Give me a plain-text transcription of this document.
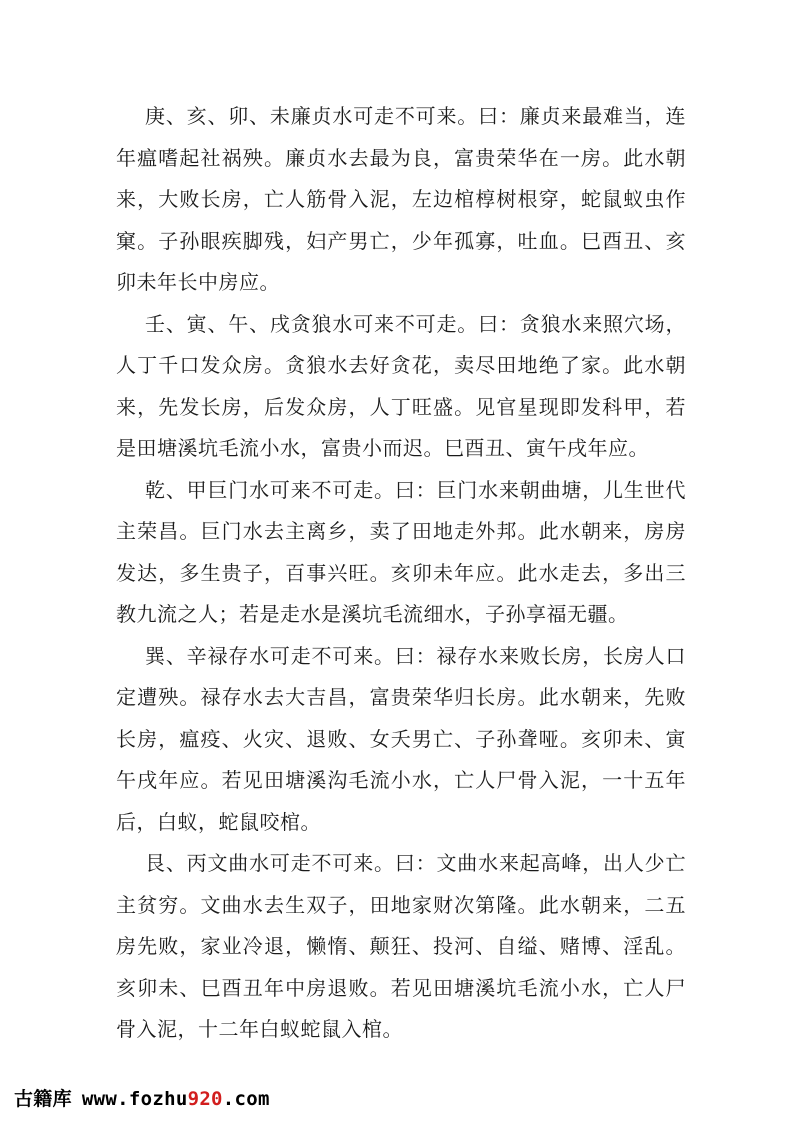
庚、亥、卯、未廉贞水可走不可来。曰：廉贞来最难当，连年瘟嗜起社祸殃。廉贞水去最为良，富贵荣华在一房。此水朝来，大败长房，亡人筋骨入泥，左边棺椁树根穿，蛇鼠蚁虫作窠。子孙眼疾脚残，妇产男亡，少年孤寡，吐血。巳酉丑、亥卯未年长中房应。

壬、寅、午、戌贪狼水可来不可走。曰：贪狼水来照穴场，人丁千口发众房。贪狼水去好贪花，卖尽田地绝了家。此水朝来，先发长房，后发众房，人丁旺盛。见官星现即发科甲，若是田塘溪坑毛流小水，富贵小而迟。巳酉丑、寅午戌年应。

乾、甲巨门水可来不可走。曰：巨门水来朝曲塘，儿生世代主荣昌。巨门水去主离乡，卖了田地走外邦。此水朝来，房房发达，多生贵子，百事兴旺。亥卯未年应。此水走去，多出三教九流之人；若是走水是溪坑毛流细水，子孙享福无疆。

巽、辛禄存水可走不可来。曰：禄存水来败长房，长房人口定遭殃。禄存水去大吉昌，富贵荣华归长房。此水朝来，先败长房，瘟疫、火灾、退败、女夭男亡、子孙聋哑。亥卯未、寅午戌年应。若见田塘溪沟毛流小水，亡人尸骨入泥，一十五年后，白蚁，蛇鼠咬棺。

艮、丙文曲水可走不可来。曰：文曲水来起高峰，出人少亡主贫穷。文曲水去生双子，田地家财次第隆。此水朝来，二五房先败，家业冷退，懒惰、颠狂、投河、自缢、赌博、淫乱。亥卯未、巳酉丑年中房退败。若见田塘溪坑毛流小水，亡人尸骨入泥，十二年白蚁蛇鼠入棺。

古籍库 www. fozhu 920 .com
